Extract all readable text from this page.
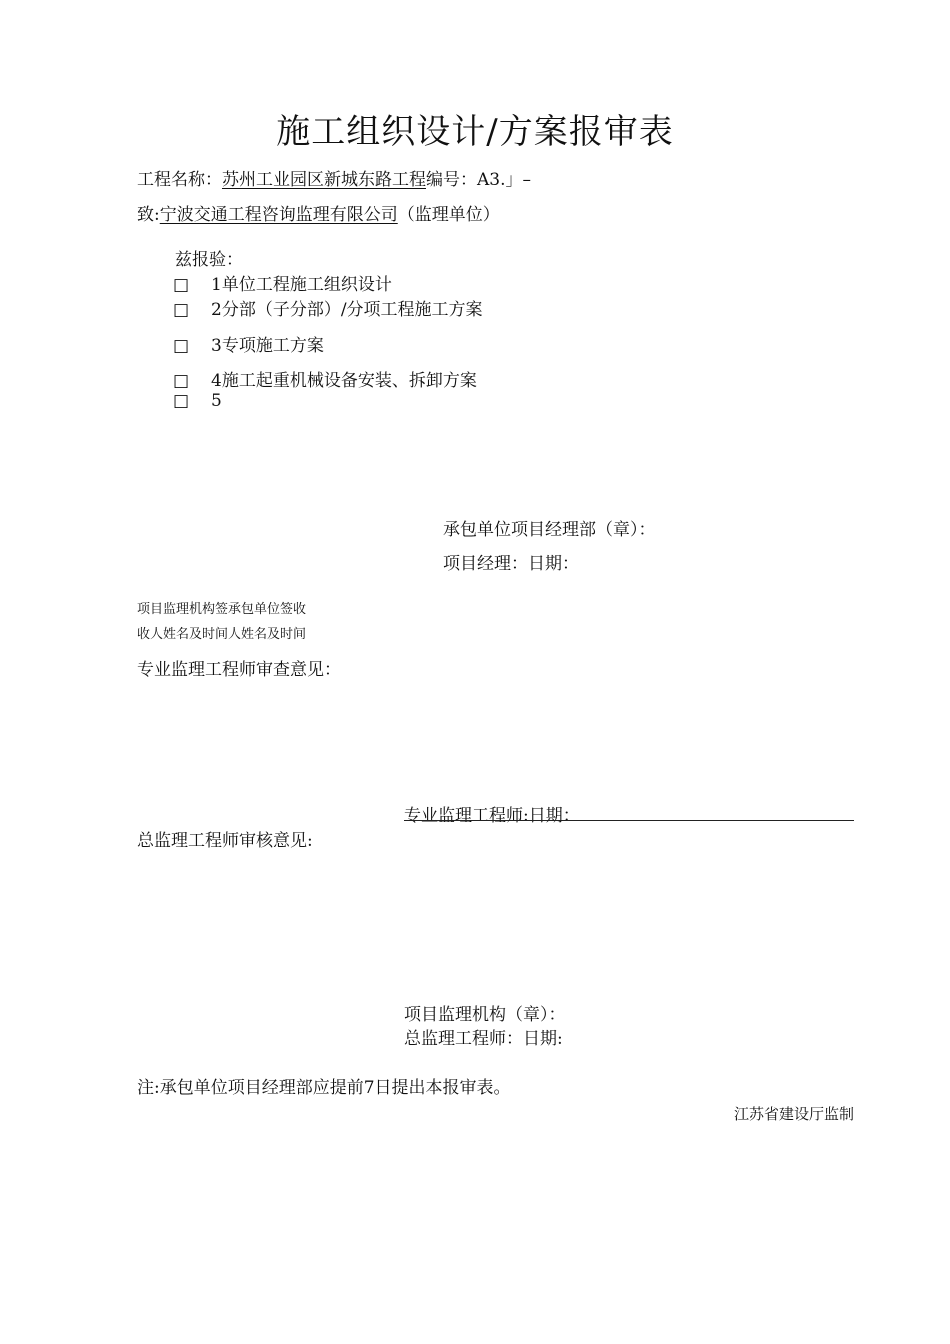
施工组织设计/方案报审表
工程名称：苏州工业园区新城东路工程编号：A3.」–
致:宁波交通工程咨询监理有限公司（监理单位）
兹报验：
□ 1单位工程施工组织设计
□ 2分部（子分部）/分项工程施工方案
□ 3专项施工方案
□ 4施工起重机械设备安装、拆卸方案
□ 5
承包单位项目经理部（章）：
项目经理：日期：
项目监理机构签承包单位签收
收人姓名及时间人姓名及时间
专业监理工程师审查意见：
专业监理工程师:日期：
总监理工程师审核意见:
项目监理机构（章）：
总监理工程师：日期:
注:承包单位项目经理部应提前7日提出本报审表。
江苏省建设厅监制
